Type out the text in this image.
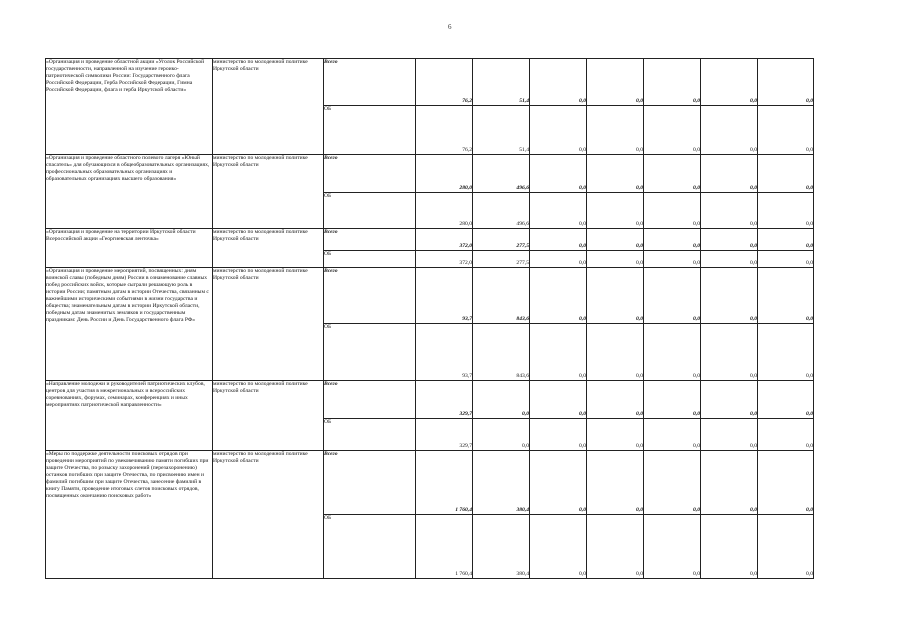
6
«Организация и проведение областной акции «Уголок Российской государственности, направленной на изучение героико-патриотической символики России: Государственного флага Российской Федерации, Герба Российской Федерации, Гимна Российской Федерации, флага и герба Иркутской области»	министерство по молодежной политике Иркутской области	Всего	76,2	51,4	0,0	0,0	0,0	0,0	0,0
		ОБ	76,2	51,4	0,0	0,0	0,0	0,0	0,0
«Организация и проведение областного полевого лагеря «Юный спасатель» для обучающихся в общеобразовательных организациях, профессиональных образовательных организациях и образовательных организациях высшего образования»	министерство по молодежной политике Иркутской области	Всего	280,0	496,6	0,0	0,0	0,0	0,0	0,0
		ОБ	280,0	496,6	0,0	0,0	0,0	0,0	0,0
«Организация и проведение на территории Иркутской области Всероссийской акции «Георгиевская ленточка»	министерство по молодежной политике Иркутской области	Всего	372,0	277,5	0,0	0,0	0,0	0,0	0,0
		ОБ	372,0	277,5	0,0	0,0	0,0	0,0	0,0
«Организация и проведение мероприятий, посвященных: дням воинской славы (победным дням) России в ознаменование славных побед российских войск, которые сыграли решающую роль в истории России; памятным датам в истории Отечества, связанным с важнейшими историческими событиями в жизни государства и общества; знаменательным датам в истории Иркутской области, победным датам знаменитых земляков и государственным праздникам: День России и День Государственного флага РФ»	министерство по молодежной политике Иркутской области	Всего	93,7	843,6	0,0	0,0	0,0	0,0	0,0
		ОБ	93,7	843,6	0,0	0,0	0,0	0,0	0,0
«Направление молодежи и руководителей патриотических клубов, центров для участия в межрегиональных и всероссийских соревнованиях, форумах, семинарах, конференциях и иных мероприятиях патриотической направленности»	министерство по молодежной политике Иркутской области	Всего	329,7	0,0	0,0	0,0	0,0	0,0	0,0
		ОБ	329,7	0,0	0,0	0,0	0,0	0,0	0,0
«Меры по поддержке деятельности поисковых отрядов при проведении мероприятий по увековечиванию памяти погибших при защите Отечества, по розыску захоронений (перезахоронению) останков погибших при защите Отечества, по присвоению имен и фамилий погибшим при защите Отечества, занесение фамилий в книгу Памяти, проведение итоговых слетов поисковых отрядов, посвященных окончанию поисковых работ»	министерство по молодежной политике Иркутской области	Всего	1 760,4	380,4	0,0	0,0	0,0	0,0	0,0
		ОБ	1 760,4	380,4	0,0	0,0	0,0	0,0	0,0
